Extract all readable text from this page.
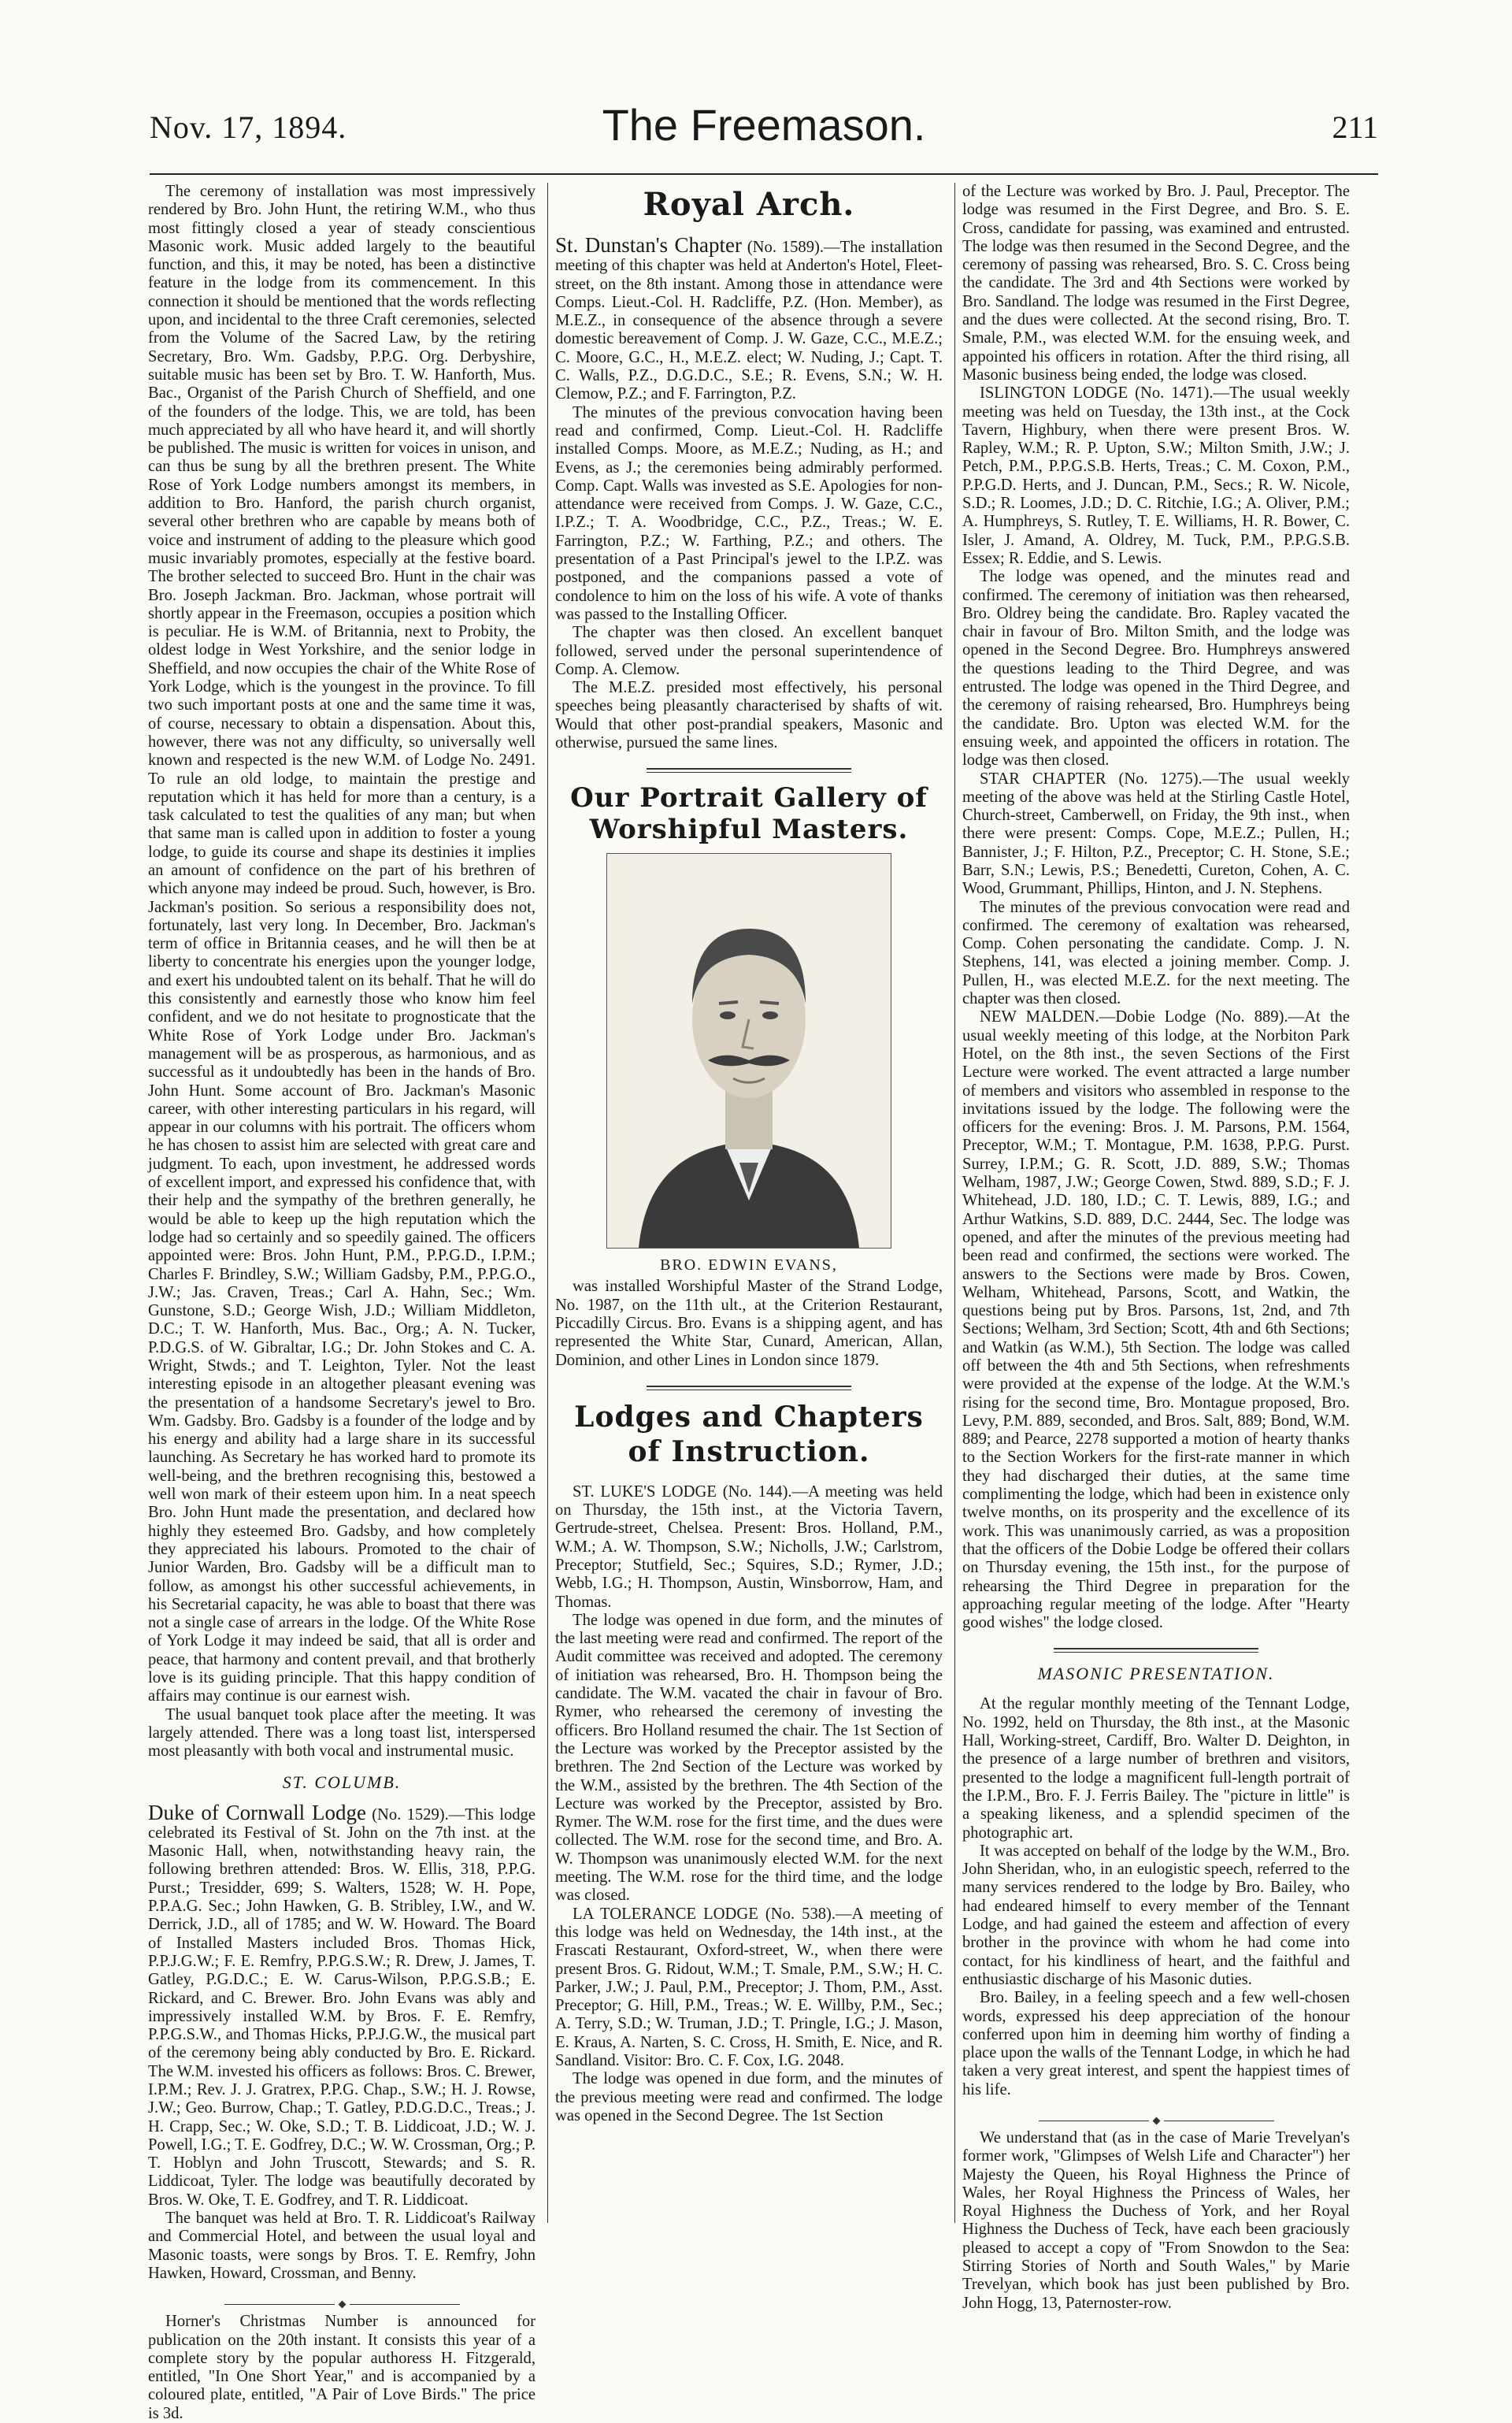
Nov. 17, 1894.	The Freemason.	211

The ceremony of installation was most impressively rendered by Bro. John Hunt, the retiring W.M., who thus most fittingly closed a year of steady conscientious Masonic work. Music added largely to the beautiful function, and this, it may be noted, has been a distinctive feature in the lodge from its commencement. In this connection it should be mentioned that the words reflecting upon, and incidental to the three Craft ceremonies, selected from the Volume of the Sacred Law, by the retiring Secretary, Bro. Wm. Gadsby, P.P.G. Org. Derbyshire, suitable music has been set by Bro. T. W. Hanforth, Mus. Bac., Organist of the Parish Church of Sheffield, and one of the founders of the lodge. This, we are told, has been much appreciated by all who have heard it, and will shortly be published. The music is written for voices in unison, and can thus be sung by all the brethren present. The White Rose of York Lodge numbers amongst its members, in addition to Bro. Hanford, the parish church organist, several other brethren who are capable by means both of voice and instrument of adding to the pleasure which good music invariably promotes, especially at the festive board. The brother selected to succeed Bro. Hunt in the chair was Bro. Joseph Jackman. Bro. Jackman, whose portrait will shortly appear in the Freemason, occupies a position which is peculiar. He is W.M. of Britannia, next to Probity, the oldest lodge in West Yorkshire, and the senior lodge in Sheffield, and now occupies the chair of the White Rose of York Lodge, which is the youngest in the province. To fill two such important posts at one and the same time it was, of course, necessary to obtain a dispensation. About this, however, there was not any difficulty, so universally well known and respected is the new W.M. of Lodge No. 2491. To rule an old lodge, to maintain the prestige and reputation which it has held for more than a century, is a task calculated to test the qualities of any man; but when that same man is called upon in addition to foster a young lodge, to guide its course and shape its destinies it implies an amount of confidence on the part of his brethren of which anyone may indeed be proud. Such, however, is Bro. Jackman's position. So serious a responsibility does not, fortunately, last very long. In December, Bro. Jackman's term of office in Britannia ceases, and he will then be at liberty to concentrate his energies upon the younger lodge, and exert his undoubted talent on its behalf. That he will do this consistently and earnestly those who know him feel confident, and we do not hesitate to prognosticate that the White Rose of York Lodge under Bro. Jackman's management will be as prosperous, as harmonious, and as successful as it undoubtedly has been in the hands of Bro. John Hunt. Some account of Bro. Jackman's Masonic career, with other interesting particulars in his regard, will appear in our columns with his portrait. The officers whom he has chosen to assist him are selected with great care and judgment. To each, upon investment, he addressed words of excellent import, and expressed his confidence that, with their help and the sympathy of the brethren generally, he would be able to keep up the high reputation which the lodge had so certainly and so speedily gained. The officers appointed were: Bros. John Hunt, P.M., P.P.G.D., I.P.M.; Charles F. Brindley, S.W.; William Gadsby, P.M., P.P.G.O., J.W.; Jas. Craven, Treas.; Carl A. Hahn, Sec.; Wm. Gunstone, S.D.; George Wish, J.D.; William Middleton, D.C.; T. W. Hanforth, Mus. Bac., Org.; A. N. Tucker, P.D.G.S. of W. Gibraltar, I.G.; Dr. John Stokes and C. A. Wright, Stwds.; and T. Leighton, Tyler. Not the least interesting episode in an altogether pleasant evening was the presentation of a handsome Secretary's jewel to Bro. Wm. Gadsby. Bro. Gadsby is a founder of the lodge and by his energy and ability had a large share in its successful launching. As Secretary he has worked hard to promote its well-being, and the brethren recognising this, bestowed a well won mark of their esteem upon him. In a neat speech Bro. John Hunt made the presentation, and declared how highly they esteemed Bro. Gadsby, and how completely they appreciated his labours. Promoted to the chair of Junior Warden, Bro. Gadsby will be a difficult man to follow, as amongst his other successful achievements, in his Secretarial capacity, he was able to boast that there was not a single case of arrears in the lodge. Of the White Rose of York Lodge it may indeed be said, that all is order and peace, that harmony and content prevail, and that brotherly love is its guiding principle. That this happy condition of affairs may continue is our earnest wish.

The usual banquet took place after the meeting. It was largely attended. There was a long toast list, interspersed most pleasantly with both vocal and instrumental music.

ST. COLUMB.

Duke of Cornwall Lodge (No. 1529).—This lodge celebrated its Festival of St. John on the 7th inst. at the Masonic Hall, when, notwithstanding heavy rain, the following brethren attended: Bros. W. Ellis, 318, P.P.G. Purst.; Tresidder, 699; S. Walters, 1528; W. H. Pope, P.P.A.G. Sec.; John Hawken, G. B. Stribley, I.W., and W. Derrick, J.D., all of 1785; and W. W. Howard. The Board of Installed Masters included Bros. Thomas Hick, P.P.J.G.W.; F. E. Remfry, P.P.G.S.W.; R. Drew, J. James, T. Gatley, P.G.D.C.; E. W. Carus-Wilson, P.P.G.S.B.; E. Rickard, and C. Brewer. Bro. John Evans was ably and impressively installed W.M. by Bros. F. E. Remfry, P.P.G.S.W., and Thomas Hicks, P.P.J.G.W., the musical part of the ceremony being ably conducted by Bro. E. Rickard. The W.M. invested his officers as follows: Bros. C. Brewer, I.P.M.; Rev. J. J. Gratrex, P.P.G. Chap., S.W.; H. J. Rowse, J.W.; Geo. Burrow, Chap.; T. Gatley, P.D.G.D.C., Treas.; J. H. Crapp, Sec.; W. Oke, S.D.; T. B. Liddicoat, J.D.; W. J. Powell, I.G.; T. E. Godfrey, D.C.; W. W. Crossman, Org.; P. T. Hoblyn and John Truscott, Stewards; and S. R. Liddicoat, Tyler. The lodge was beautifully decorated by Bros. W. Oke, T. E. Godfrey, and T. R. Liddicoat.

The banquet was held at Bro. T. R. Liddicoat's Railway and Commercial Hotel, and between the usual loyal and Masonic toasts, were songs by Bros. T. E. Remfry, John Hawken, Howard, Crossman, and Benny.

Horner's Christmas Number is announced for publication on the 20th instant. It consists this year of a complete story by the popular authoress H. Fitzgerald, entitled, "In One Short Year," and is accompanied by a coloured plate, entitled, "A Pair of Love Birds." The price is 3d.

Royal Arch.

St. Dunstan's Chapter (No. 1589).—The installation meeting of this chapter was held at Anderton's Hotel, Fleet-street, on the 8th instant. Among those in attendance were Comps. Lieut.-Col. H. Radcliffe, P.Z. (Hon. Member), as M.E.Z., in consequence of the absence through a severe domestic bereavement of Comp. J. W. Gaze, C.C., M.E.Z.; C. Moore, G.C., H., M.E.Z. elect; W. Nuding, J.; Capt. T. C. Walls, P.Z., D.G.D.C., S.E.; R. Evens, S.N.; W. H. Clemow, P.Z.; and F. Farrington, P.Z.

The minutes of the previous convocation having been read and confirmed, Comp. Lieut.-Col. H. Radcliffe installed Comps. Moore, as M.E.Z.; Nuding, as H.; and Evens, as J.; the ceremonies being admirably performed. Comp. Capt. Walls was invested as S.E. Apologies for non-attendance were received from Comps. J. W. Gaze, C.C., I.P.Z.; T. A. Woodbridge, C.C., P.Z., Treas.; W. E. Farrington, P.Z.; W. Farthing, P.Z.; and others. The presentation of a Past Principal's jewel to the I.P.Z. was postponed, and the companions passed a vote of condolence to him on the loss of his wife. A vote of thanks was passed to the Installing Officer.

The chapter was then closed. An excellent banquet followed, served under the personal superintendence of Comp. A. Clemow.

The M.E.Z. presided most effectively, his personal speeches being pleasantly characterised by shafts of wit. Would that other post-prandial speakers, Masonic and otherwise, pursued the same lines.

Our Portrait Gallery of Worshipful Masters.
BRO. EDWIN EVANS,

was installed Worshipful Master of the Strand Lodge, No. 1987, on the 11th ult., at the Criterion Restaurant, Piccadilly Circus. Bro. Evans is a shipping agent, and has represented the White Star, Cunard, American, Allan, Dominion, and other Lines in London since 1879.

Lodges and Chapters of Instruction.

ST. LUKE'S LODGE (No. 144).—A meeting was held on Thursday, the 15th inst., at the Victoria Tavern, Gertrude-street, Chelsea. Present: Bros. Holland, P.M., W.M.; A. W. Thompson, S.W.; Nicholls, J.W.; Carlstrom, Preceptor; Stutfield, Sec.; Squires, S.D.; Rymer, J.D.; Webb, I.G.; H. Thompson, Austin, Winsborrow, Ham, and Thomas.

The lodge was opened in due form, and the minutes of the last meeting were read and confirmed. The report of the Audit committee was received and adopted. The ceremony of initiation was rehearsed, Bro. H. Thompson being the candidate. The W.M. vacated the chair in favour of Bro. Rymer, who rehearsed the ceremony of investing the officers. Bro Holland resumed the chair. The 1st Section of the Lecture was worked by the Preceptor assisted by the brethren. The 2nd Section of the Lecture was worked by the W.M., assisted by the brethren. The 4th Section of the Lecture was worked by the Preceptor, assisted by Bro. Rymer. The W.M. rose for the first time, and the dues were collected. The W.M. rose for the second time, and Bro. A. W. Thompson was unanimously elected W.M. for the next meeting. The W.M. rose for the third time, and the lodge was closed.

LA TOLERANCE LODGE (No. 538).—A meeting of this lodge was held on Wednesday, the 14th inst., at the Frascati Restaurant, Oxford-street, W., when there were present Bros. G. Ridout, W.M.; T. Smale, P.M., S.W.; H. C. Parker, J.W.; J. Paul, P.M., Preceptor; J. Thom, P.M., Asst. Preceptor; G. Hill, P.M., Treas.; W. E. Willby, P.M., Sec.; A. Terry, S.D.; W. Truman, J.D.; T. Pringle, I.G.; J. Mason, E. Kraus, A. Narten, S. C. Cross, H. Smith, E. Nice, and R. Sandland. Visitor: Bro. C. F. Cox, I.G. 2048.

The lodge was opened in due form, and the minutes of the previous meeting were read and confirmed. The lodge was opened in the Second Degree. The 1st Section

of the Lecture was worked by Bro. J. Paul, Preceptor. The lodge was resumed in the First Degree, and Bro. S. E. Cross, candidate for passing, was examined and entrusted. The lodge was then resumed in the Second Degree, and the ceremony of passing was rehearsed, Bro. S. C. Cross being the candidate. The 3rd and 4th Sections were worked by Bro. Sandland. The lodge was resumed in the First Degree, and the dues were collected. At the second rising, Bro. T. Smale, P.M., was elected W.M. for the ensuing week, and appointed his officers in rotation. After the third rising, all Masonic business being ended, the lodge was closed.

ISLINGTON LODGE (No. 1471).—The usual weekly meeting was held on Tuesday, the 13th inst., at the Cock Tavern, Highbury, when there were present Bros. W. Rapley, W.M.; R. P. Upton, S.W.; Milton Smith, J.W.; J. Petch, P.M., P.P.G.S.B. Herts, Treas.; C. M. Coxon, P.M., P.P.G.D. Herts, and J. Duncan, P.M., Secs.; R. W. Nicole, S.D.; R. Loomes, J.D.; D. C. Ritchie, I.G.; A. Oliver, P.M.; A. Humphreys, S. Rutley, T. E. Williams, H. R. Bower, C. Isler, J. Amand, A. Oldrey, M. Tuck, P.M., P.P.G.S.B. Essex; R. Eddie, and S. Lewis.

The lodge was opened, and the minutes read and confirmed. The ceremony of initiation was then rehearsed, Bro. Oldrey being the candidate. Bro. Rapley vacated the chair in favour of Bro. Milton Smith, and the lodge was opened in the Second Degree. Bro. Humphreys answered the questions leading to the Third Degree, and was entrusted. The lodge was opened in the Third Degree, and the ceremony of raising rehearsed, Bro. Humphreys being the candidate. Bro. Upton was elected W.M. for the ensuing week, and appointed the officers in rotation. The lodge was then closed.

STAR CHAPTER (No. 1275).—The usual weekly meeting of the above was held at the Stirling Castle Hotel, Church-street, Camberwell, on Friday, the 9th inst., when there were present: Comps. Cope, M.E.Z.; Pullen, H.; Bannister, J.; F. Hilton, P.Z., Preceptor; C. H. Stone, S.E.; Barr, S.N.; Lewis, P.S.; Benedetti, Cureton, Cohen, A. C. Wood, Grummant, Phillips, Hinton, and J. N. Stephens.

The minutes of the previous convocation were read and confirmed. The ceremony of exaltation was rehearsed, Comp. Cohen personating the candidate. Comp. J. N. Stephens, 141, was elected a joining member. Comp. J. Pullen, H., was elected M.E.Z. for the next meeting. The chapter was then closed.

NEW MALDEN.—Dobie Lodge (No. 889).—At the usual weekly meeting of this lodge, at the Norbiton Park Hotel, on the 8th inst., the seven Sections of the First Lecture were worked. The event attracted a large number of members and visitors who assembled in response to the invitations issued by the lodge. The following were the officers for the evening: Bros. J. M. Parsons, P.M. 1564, Preceptor, W.M.; T. Montague, P.M. 1638, P.P.G. Purst. Surrey, I.P.M.; G. R. Scott, J.D. 889, S.W.; Thomas Welham, 1987, J.W.; George Cowen, Stwd. 889, S.D.; F. J. Whitehead, J.D. 180, I.D.; C. T. Lewis, 889, I.G.; and Arthur Watkins, S.D. 889, D.C. 2444, Sec. The lodge was opened, and after the minutes of the previous meeting had been read and confirmed, the sections were worked. The answers to the Sections were made by Bros. Cowen, Welham, Whitehead, Parsons, Scott, and Watkin, the questions being put by Bros. Parsons, 1st, 2nd, and 7th Sections; Welham, 3rd Section; Scott, 4th and 6th Sections; and Watkin (as W.M.), 5th Section. The lodge was called off between the 4th and 5th Sections, when refreshments were provided at the expense of the lodge. At the W.M.'s rising for the second time, Bro. Montague proposed, Bro. Levy, P.M. 889, seconded, and Bros. Salt, 889; Bond, W.M. 889; and Pearce, 2278 supported a motion of hearty thanks to the Section Workers for the first-rate manner in which they had discharged their duties, at the same time complimenting the lodge, which had been in existence only twelve months, on its prosperity and the excellence of its work. This was unanimously carried, as was a proposition that the officers of the Dobie Lodge be offered their collars on Thursday evening, the 15th inst., for the purpose of rehearsing the Third Degree in preparation for the approaching regular meeting of the lodge. After "Hearty good wishes" the lodge closed.

MASONIC PRESENTATION.

At the regular monthly meeting of the Tennant Lodge, No. 1992, held on Thursday, the 8th inst., at the Masonic Hall, Working-street, Cardiff, Bro. Walter D. Deighton, in the presence of a large number of brethren and visitors, presented to the lodge a magnificent full-length portrait of the I.P.M., Bro. F. J. Ferris Bailey. The "picture in little" is a speaking likeness, and a splendid specimen of the photographic art.

It was accepted on behalf of the lodge by the W.M., Bro. John Sheridan, who, in an eulogistic speech, referred to the many services rendered to the lodge by Bro. Bailey, who had endeared himself to every member of the Tennant Lodge, and had gained the esteem and affection of every brother in the province with whom he had come into contact, for his kindliness of heart, and the faithful and enthusiastic discharge of his Masonic duties.

Bro. Bailey, in a feeling speech and a few well-chosen words, expressed his deep appreciation of the honour conferred upon him in deeming him worthy of finding a place upon the walls of the Tennant Lodge, in which he had taken a very great interest, and spent the happiest times of his life.

We understand that (as in the case of Marie Trevelyan's former work, "Glimpses of Welsh Life and Character") her Majesty the Queen, his Royal Highness the Prince of Wales, her Royal Highness the Princess of Wales, her Royal Highness the Duchess of York, and her Royal Highness the Duchess of Teck, have each been graciously pleased to accept a copy of "From Snowdon to the Sea: Stirring Stories of North and South Wales," by Marie Trevelyan, which book has just been published by Bro. John Hogg, 13, Paternoster-row.
